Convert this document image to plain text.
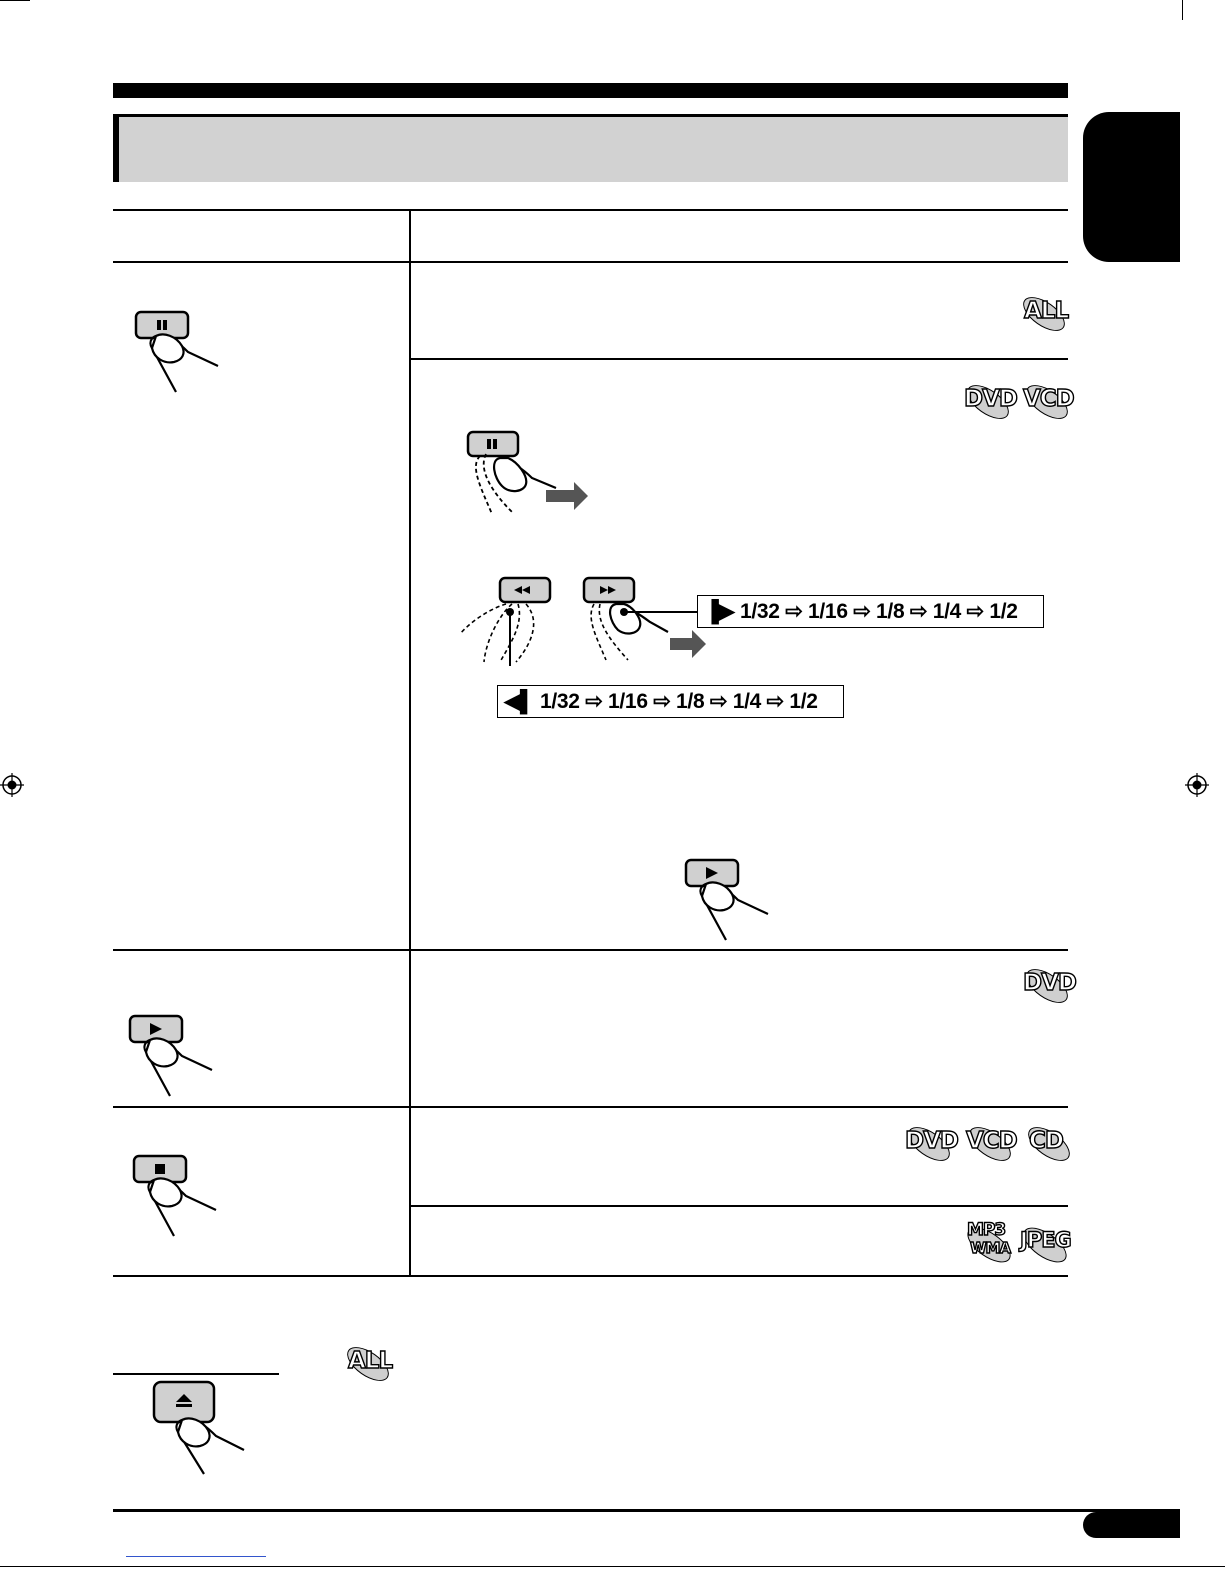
▐▶ 1/32 ⇨ 1/16 ⇨ 1/8 ⇨ 1/4 ⇨ 1/2
◀▌ 1/32 ⇨ 1/16 ⇨ 1/8 ⇨ 1/4 ⇨ 1/2
ALL
DVD VCD
DVD
DVD VCD CD
MP3
WMA JPEG
ALL
